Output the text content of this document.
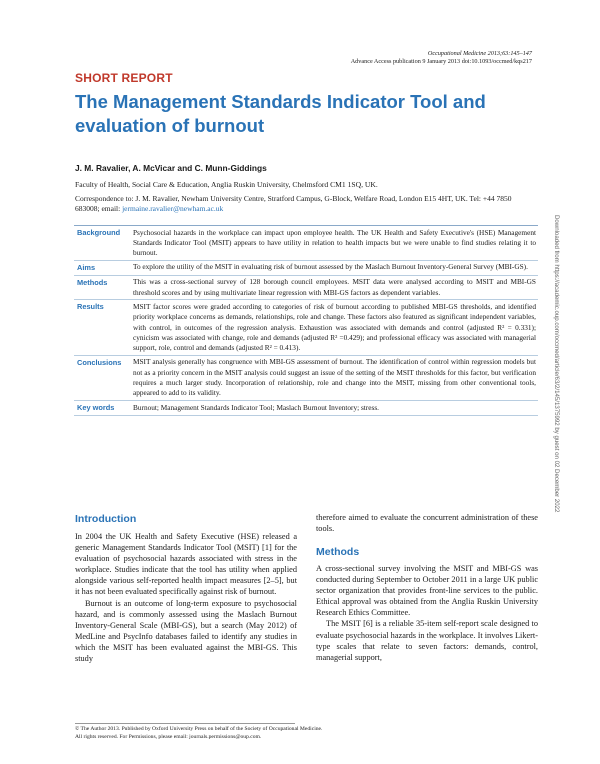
Occupational Medicine 2013;63:145–147
Advance Access publication 9 January 2013 doi:10.1093/occmed/kqs217
SHORT REPORT
The Management Standards Indicator Tool and evaluation of burnout
J. M. Ravalier, A. McVicar and C. Munn-Giddings
Faculty of Health, Social Care & Education, Anglia Ruskin University, Chelmsford CM1 1SQ, UK.
Correspondence to: J. M. Ravalier, Newham University Centre, Stratford Campus, G-Block, Welfare Road, London E15 4HT, UK. Tel: +44 7850 683008; email: jermaine.ravalier@newham.ac.uk
Downloaded from https://academic.oup.com/occmed/article/63/2/145/1375992 by guest on 02 December 2022
Background	Psychosocial hazards in the workplace can impact upon employee health. The UK Health and Safety Executive's (HSE) Management Standards Indicator Tool (MSIT) appears to have utility in relation to health impacts but we were unable to find studies relating it to burnout.
Aims	To explore the utility of the MSIT in evaluating risk of burnout assessed by the Maslach Burnout Inventory-General Survey (MBI-GS).
Methods	This was a cross-sectional survey of 128 borough council employees. MSIT data were analysed according to MSIT and MBI-GS threshold scores and by using multivariate linear regression with MBI-GS factors as dependent variables.
Results	MSIT factor scores were graded according to categories of risk of burnout according to published MBI-GS thresholds, and identified priority workplace concerns as demands, relationships, role and change. These factors also featured as significant independent variables, with control, in outcomes of the regression analysis. Exhaustion was associated with demands and control (adjusted R² = 0.331); cynicism was associated with change, role and demands (adjusted R² =0.429); and professional efficacy was associated with managerial support, role, control and demands (adjusted R² = 0.413).
Conclusions	MSIT analysis generally has congruence with MBI-GS assessment of burnout. The identification of control within regression models but not as a priority concern in the MSIT analysis could suggest an issue of the setting of the MSIT thresholds for this factor, but verification requires a much larger study. Incorporation of relationship, role and change into the MSIT, missing from other conventional tools, appeared to add to its validity.
Key words	Burnout; Management Standards Indicator Tool; Maslach Burnout Inventory; stress.
Introduction

In 2004 the UK Health and Safety Executive (HSE) released a generic Management Standards Indicator Tool (MSIT) [1] for the evaluation of psychosocial hazards associated with stress in the workplace. Studies indicate that the tool has utility when applied alongside various self-reported health impact measures [2–5], but it has not been evaluated specifically against risk of burnout.

Burnout is an outcome of long-term exposure to psychosocial hazard, and is commonly assessed using the Maslach Burnout Inventory-General Scale (MBI-GS), but a search (May 2012) of MedLine and PsycInfo databases failed to identify any studies in which the MSIT has been evaluated against the MBI-GS. This study

therefore aimed to evaluate the concurrent administration of these tools.

Methods

A cross-sectional survey involving the MSIT and MBI-GS was conducted during September to October 2011 in a large UK public sector organization that provides front-line services to the public. Ethical approval was obtained from the Anglia Ruskin University Research Ethics Committee.

The MSIT [6] is a reliable 35-item self-report scale designed to evaluate psychosocial hazards in the workplace. It involves Likert-type scales that relate to seven factors: demands, control, managerial support,

© The Author 2013. Published by Oxford University Press on behalf of the Society of Occupational Medicine.
All rights reserved. For Permissions, please email: journals.permissions@oup.com.
